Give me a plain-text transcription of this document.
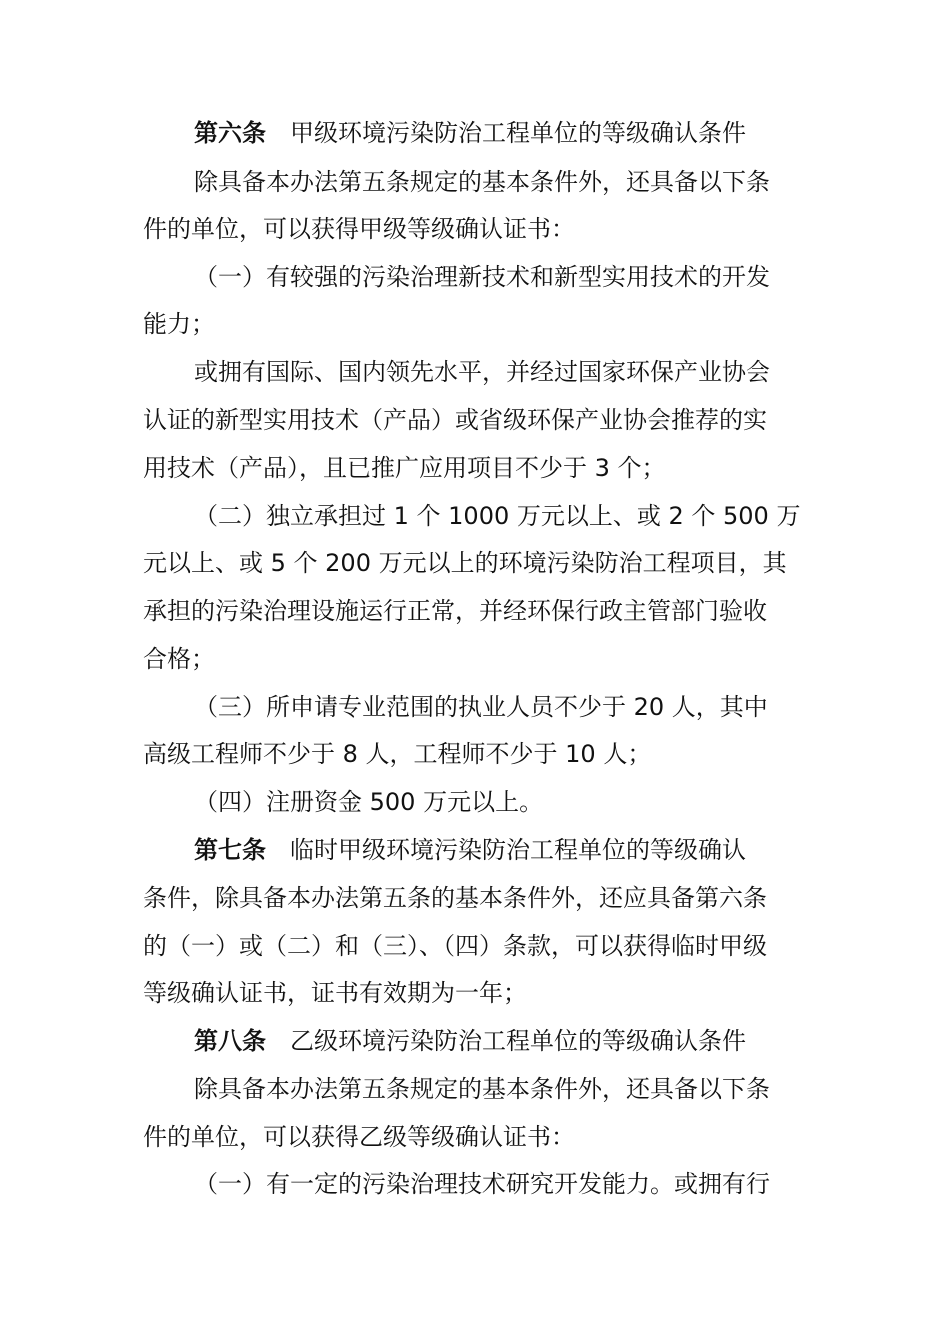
第六条　 甲级环境污染防治工程单位的等级确认条件
除具备本办法第五条规定的基本条件外，还具备以下条
件的单位，可以获得甲级等级确认证书：
（一）有较强的污染治理新技术和新型实用技术的开发
能力；
或拥有国际、国内领先水平，并经过国家环保产业协会
认证的新型实用技术（产品）或省级环保产业协会推荐的实
用技术（产品），且已推广应用项目不少于 3 个；
（二）独立承担过 1 个 1000 万元以上、或 2 个 500 万
元以上、或 5 个 200 万元以上的环境污染防治工程项目，其
承担的污染治理设施运行正常，并经环保行政主管部门验收
合格；
（三）所申请专业范围的执业人员不少于 20 人，其中
高级工程师不少于 8 人，工程师不少于 10 人；
（四）注册资金 500 万元以上。
第七条　 临时甲级环境污染防治工程单位的等级确认
条件，除具备本办法第五条的基本条件外，还应具备第六条
的（一）或（二）和（三）、（四）条款，可以获得临时甲级
等级确认证书，证书有效期为一年；
第八条　 乙级环境污染防治工程单位的等级确认条件
除具备本办法第五条规定的基本条件外，还具备以下条
件的单位，可以获得乙级等级确认证书：
（一）有一定的污染治理技术研究开发能力。或拥有行
